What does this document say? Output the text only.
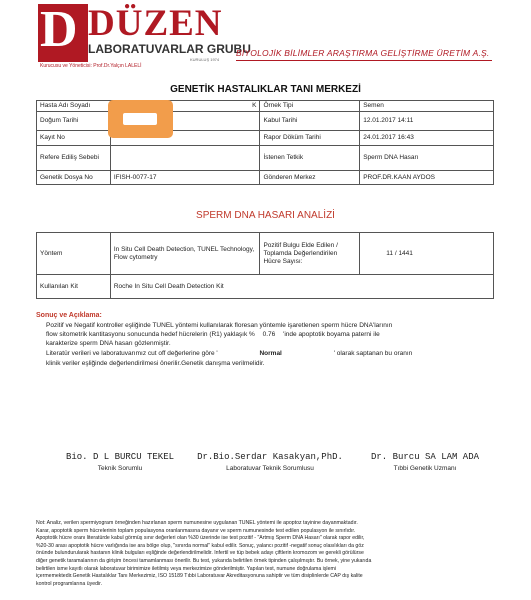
D DÜZEN
LABORATUVARLAR GRUBU
KURULUŞ 1974
Kurucusu ve Yöneticisi: Prof.Dr.Yalçın LALELİ
BİYOLOJİK BİLİMLER ARAŞTIRMA GELİŞTİRME ÜRETİM A.Ş.
GENETİK HASTALIKLAR TANI MERKEZİ
Hasta Adı Soyadı	K	Örnek Tipi	Semen
Doğum Tarihi		Kabul Tarihi	12.01.2017 14:11
Kayıt No		Rapor Döküm Tarihi	24.01.2017 16:43
Refere Ediliş Sebebi		İstenen Tetkik	Sperm DNA Hasarı
Genetik Dosya No	IFISH-0077-17	Gönderen Merkez	PROF.DR.KAAN AYDOS
SPERM DNA HASARI ANALİZİ
Yöntem	In Situ Cell Death Detection, TUNEL Technology, Flow cytometry	Pozitif Bulgu Elde Edilen / Toplamda Değerlendirilen Hücre Sayısı:	11 / 1441
Kullanılan Kit	Roche In Situ Cell Death Detection Kit		
Sonuç ve Açıklama:
Pozitif ve Negatif kontroller eşliğinde TUNEL yöntemi kullanılarak floresan yöntemle işaretlenen sperm hücre DNA'larının
flow sitometrik kantitasyonu sonucunda hedef hücrelerin (R1) yaklaşık % 0.76 'inde apoptotik boyama paterni ile
karakterize sperm DNA hasarı gözlenmiştir.
Literatür verileri ve laboratuvarımız cut off değerlerine göre '	Normal	' olarak saptanan bu oranın
klinik veriler eşliğinde değerlendirilmesi önerilir.Genetik danışma verilmelidir.
Bio. D L BURCU TEKEL
Teknik Sorumlu
Dr.Bio.Serdar Kasakyan,PhD.
Laboratuvar Teknik Sorumlusu
Dr. Burcu SA LAM ADA
Tıbbi Genetik Uzmanı

Not: Analiz, verilen spermiyogram örneğinden hazırlanan sperm numunesine uygulanan TUNEL yöntemi ile apoptoz tayinine dayanmaktadır.

Karar, apoptotik sperm hücrelerinin toplam populasyona oranlanmasına dayanır ve sperm numunesinde test edilen populasyon ile sınırlıdır.

Apoptotik hücre oranı literatürde kabul görmüş sınır değerleri olan %30 üzerinde ise test pozitif - "Artmış Sperm DNA Hasarı" olarak rapor edilir,

%20-30 arası apoptotik hücre varlığında ise ara bölge olup, "sınırda normal" kabul edilir. Sonuç, yalancı pozitif -negatif sonuç olasılıkları da göz

önünde bulundurularak hastanın klinik bulguları eşliğinde değerlendirilmelidir. İnfertil ve tüp bebek adayı çiftlerin kromozom ve gerekli görülürse

diğer genetik taramalarının da girişim öncesi tamamlanması önerilir. Bu test, yukarıda belirtilen örnek tipinden çalışılmıştır. Bu örnek, yine yukarıda

belirtilen isme kayıtlı olarak laboratuvar birimimize iletilmiş veya merkezimize gönderilmiştir. Yapılan test, numune doğrulama işlemi

içermemektedir.Genetik Hastalıklar Tanı Merkezimiz, ISO 15189 Tıbbi Laboratuvar Akreditasyonuna sahiptir ve tüm disiplinlerde CAP dış kalite

kontrol programlarına üyedir.
